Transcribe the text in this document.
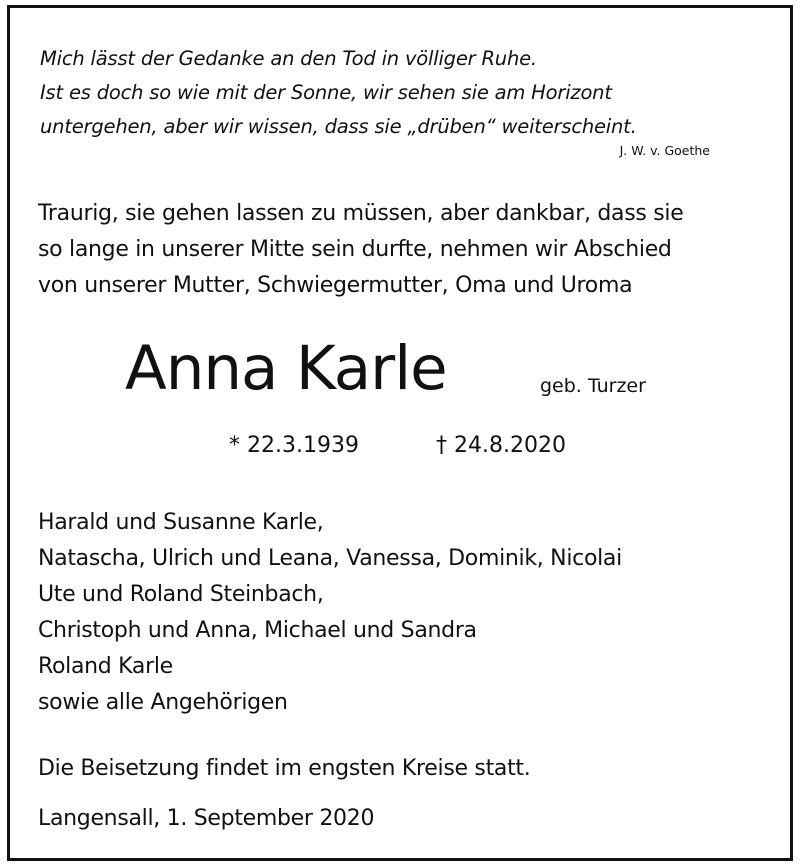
Mich lässt der Gedanke an den Tod in völliger Ruhe.
Ist es doch so wie mit der Sonne, wir sehen sie am Horizont
untergehen, aber wir wissen, dass sie „drüben“ weiterscheint.
J. W. v. Goethe
Traurig, sie gehen lassen zu müssen, aber dankbar, dass sie
so lange in unserer Mitte sein durfte, nehmen wir Abschied
von unserer Mutter, Schwiegermutter, Oma und Uroma
Anna Karle	geb. Turzer
* 22.3.1939	† 24.8.2020
Harald und Susanne Karle,
Natascha, Ulrich und Leana, Vanessa, Dominik, Nicolai
Ute und Roland Steinbach,
Christoph und Anna, Michael und Sandra
Roland Karle
sowie alle Angehörigen
Die Beisetzung findet im engsten Kreise statt.
Langensall, 1. September 2020
